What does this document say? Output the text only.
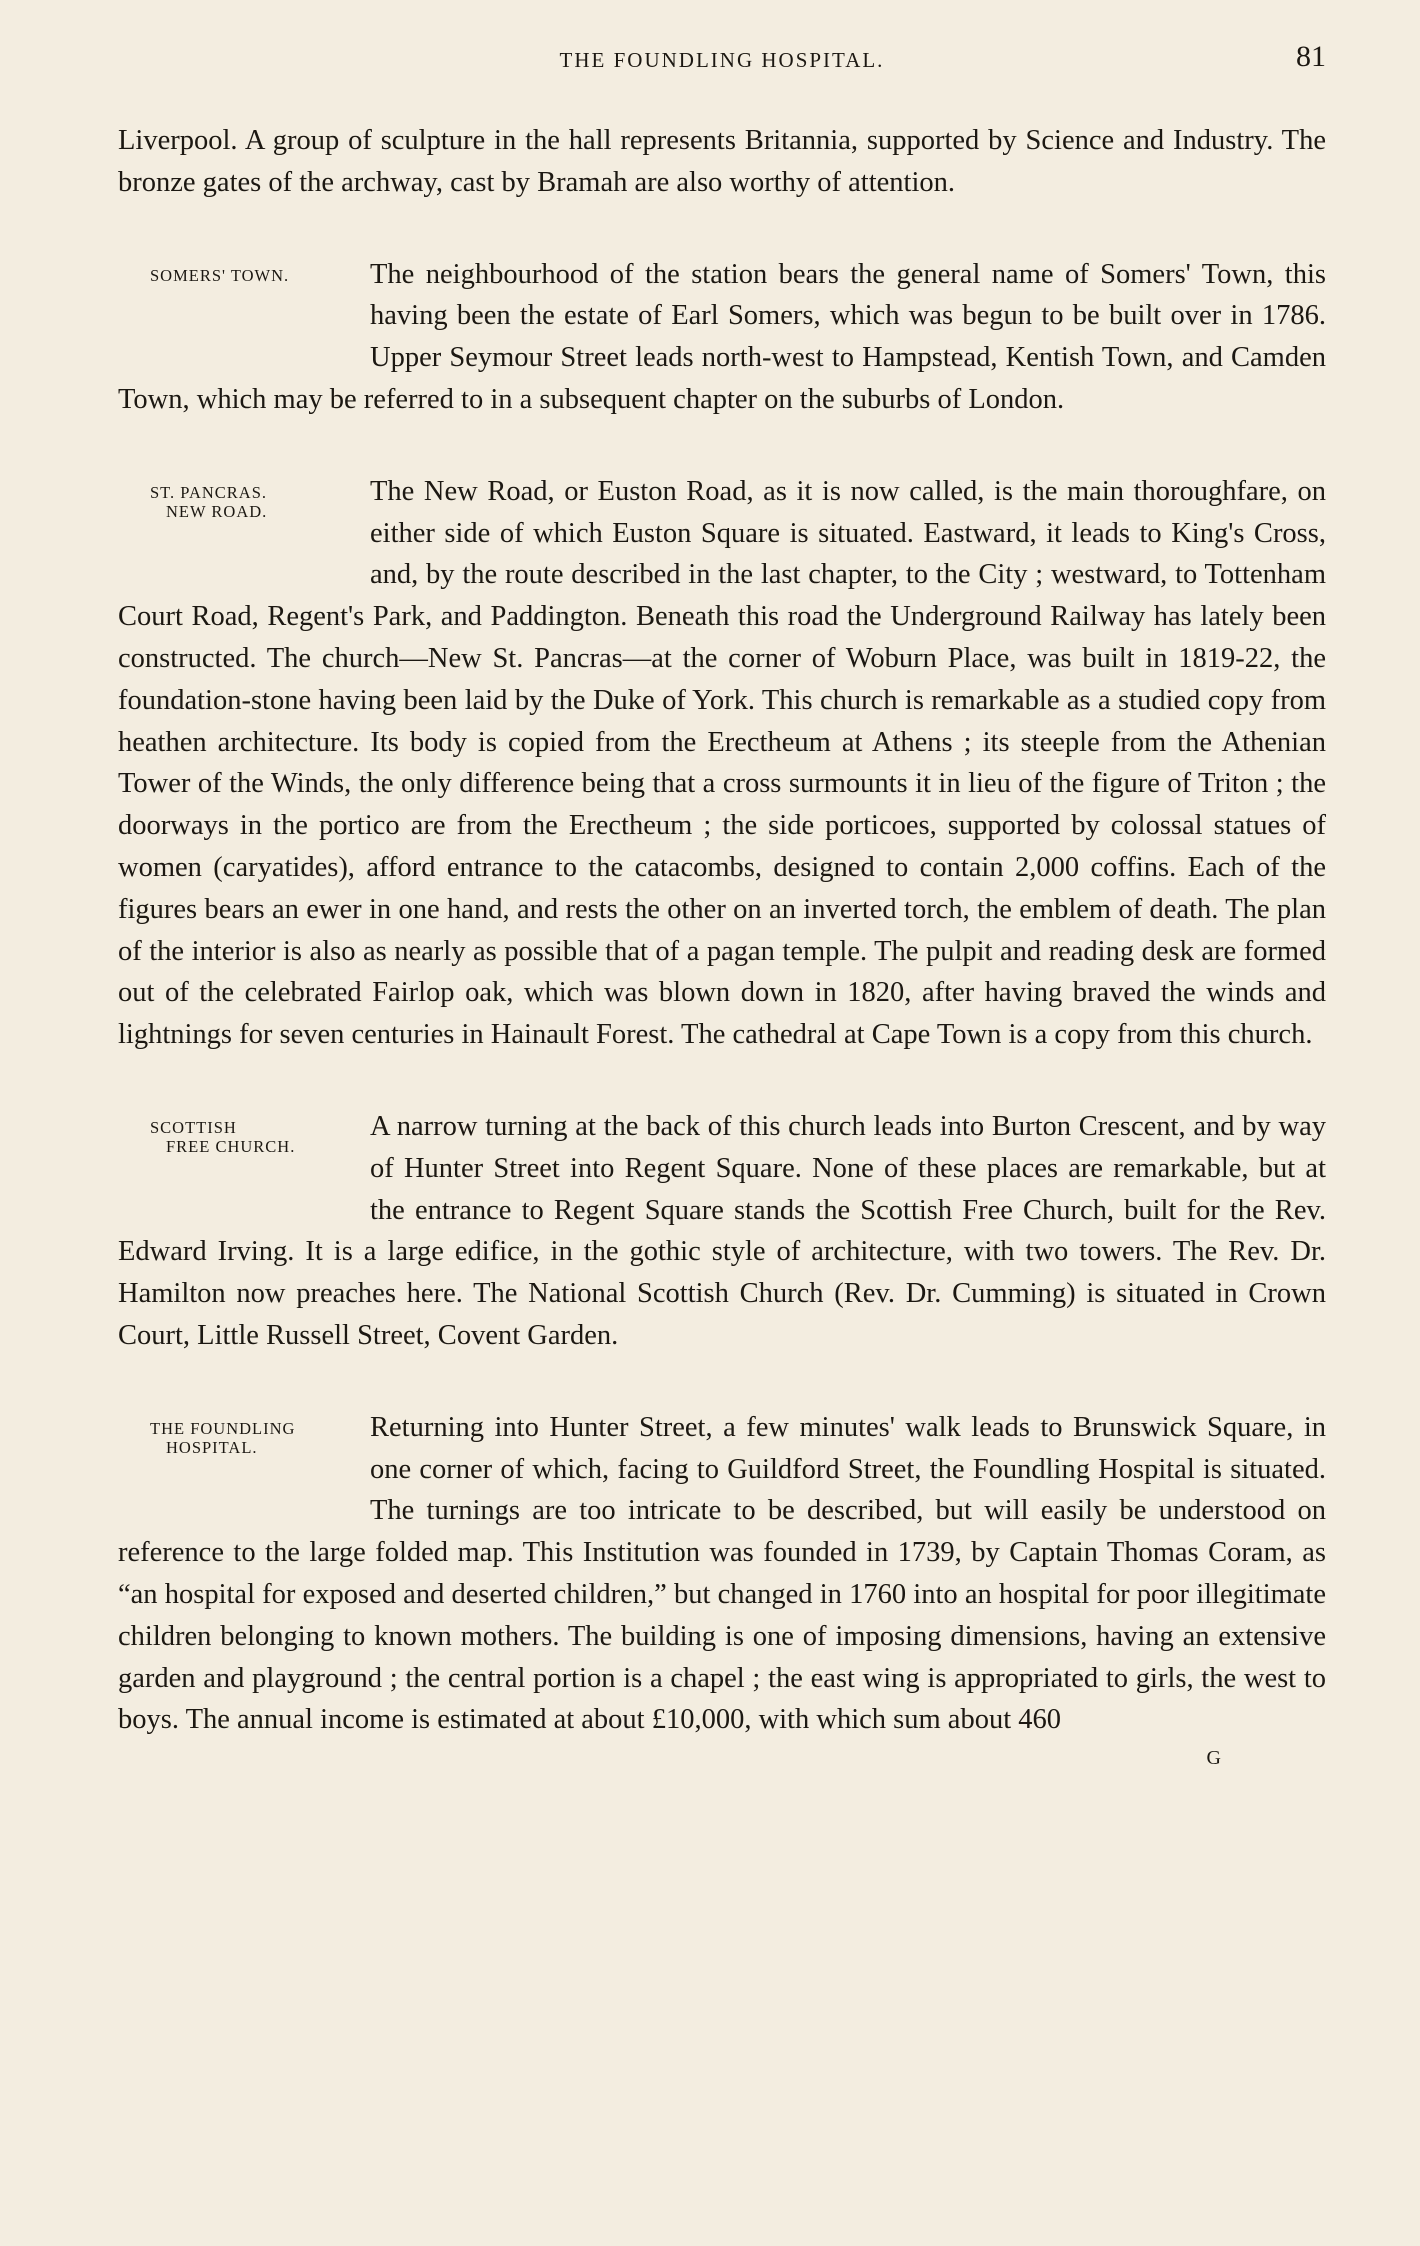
THE FOUNDLING HOSPITAL.	81

Liverpool. A group of sculpture in the hall represents Britannia, supported by Science and Industry. The bronze gates of the archway, cast by Bramah are also worthy of attention.

SOMERS' TOWN.	The neighbourhood of the station bears the general name of Somers' Town, this having been the estate of Earl Somers, which was begun to be built over in 1786. Upper Seymour Street leads north-west to Hampstead, Kentish Town, and Camden Town, which may be referred to in a subsequent chapter on the suburbs of London.

ST. PANCRAS.
NEW ROAD.

The New Road, or Euston Road, as it is now called, is the main thoroughfare, on either side of which Euston Square is situated. Eastward, it leads to King's Cross, and, by the route described in the last chapter, to the City ; westward, to Tottenham Court Road, Regent's Park, and Paddington. Beneath this road the Underground Railway has lately been constructed. The church—New St. Pancras—at the corner of Woburn Place, was built in 1819-22, the foundation-stone having been laid by the Duke of York. This church is remarkable as a studied copy from heathen architecture. Its body is copied from the Erectheum at Athens ; its steeple from the Athenian Tower of the Winds, the only difference being that a cross surmounts it in lieu of the figure of Triton ; the doorways in the portico are from the Erectheum ; the side porticoes, supported by colossal statues of women (caryatides), afford entrance to the catacombs, designed to contain 2,000 coffins. Each of the figures bears an ewer in one hand, and rests the other on an inverted torch, the emblem of death. The plan of the interior is also as nearly as possible that of a pagan temple. The pulpit and reading desk are formed out of the celebrated Fairlop oak, which was blown down in 1820, after having braved the winds and lightnings for seven centuries in Hainault Forest. The cathedral at Cape Town is a copy from this church.

SCOTTISH
FREE CHURCH.

A narrow turning at the back of this church leads into Burton Crescent, and by way of Hunter Street into Regent Square. None of these places are remarkable, but at the entrance to Regent Square stands the Scottish Free Church, built for the Rev. Edward Irving. It is a large edifice, in the gothic style of architecture, with two towers. The Rev. Dr. Hamilton now preaches here. The National Scottish Church (Rev. Dr. Cumming) is situated in Crown Court, Little Russell Street, Covent Garden.

THE FOUNDLING
HOSPITAL.

Returning into Hunter Street, a few minutes' walk leads to Brunswick Square, in one corner of which, facing to Guildford Street, the Foundling Hospital is situated. The turnings are too intricate to be described, but will easily be understood on reference to the large folded map. This Institution was founded in 1739, by Captain Thomas Coram, as “an hospital for exposed and deserted children,” but changed in 1760 into an hospital for poor illegitimate children belonging to known mothers. The building is one of imposing dimensions, having an extensive garden and playground ; the central portion is a chapel ; the east wing is appropriated to girls, the west to boys. The annual income is estimated at about £10,000, with which sum about 460

G
